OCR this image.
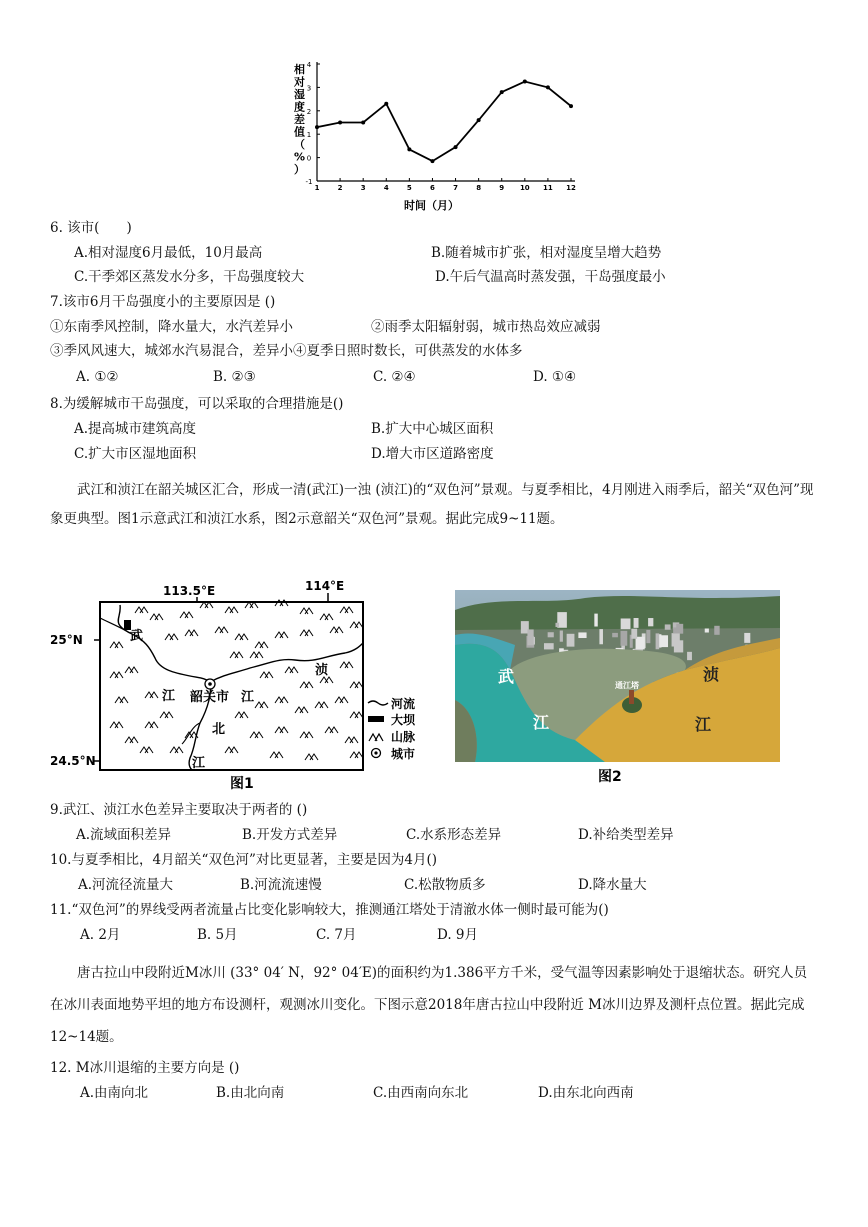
-1
0
1
2
3
4
1	2	3	4	5	6	7	8	9 10 11 12
相对湿度差值（%）
时间（月）
6. 该市(　　)
A.相对湿度6月最低，10月最高	B.随着城市扩张，相对湿度呈增大趋势
C.干季郊区蒸发水分多，干岛强度较大	D.午后气温高时蒸发强，干岛强度最小
7.该市6月干岛强度小的主要原因是 ()
①东南季风控制，降水量大，水汽差异小	②雨季太阳辐射弱，城市热岛效应减弱
③季风风速大，城郊水汽易混合，差异小④夏季日照时数长，可供蒸发的水体多
A. ①②	B. ②③	C. ②④	D. ①④
8.为缓解城市干岛强度，可以采取的合理措施是()
A.提高城市建筑高度	B.扩大中心城区面积
C.扩大市区湿地面积	D.增大市区道路密度
武江和浈江在韶关城区汇合，形成一清(武江)一浊 (浈江)的“双色河”景观。与夏季相比，4月刚进入雨季后，韶关“双色河”现象更典型。图1示意武江和浈江水系，图2示意韶关“双色河”景观。据此完成9~11题。
113.5°E	114°E
25°N
24.5°N
武
江 韶关市 江
浈
北
江
河流
大坝
山脉
城市
图1
武
江
浈
江
通江塔
图2
9.武江、浈江水色差异主要取决于两者的 ()
A.流域面积差异	B.开发方式差异	C.水系形态差异	D.补给类型差异
10.与夏季相比，4月韶关“双色河”对比更显著，主要是因为4月()
A.河流径流量大	B.河流流速慢	C.松散物质多	D.降水量大
11.“双色河”的界线受两者流量占比变化影响较大，推测通江塔处于清澈水体一侧时最可能为()
A. 2月	B. 5月	C. 7月	D. 9月
唐古拉山中段附近M冰川 (33° 04′ N，92° 04′E)的面积约为1.386平方千米，受气温等因素影响处于退缩状态。研究人员在冰川表面地势平坦的地方布设测杆，观测冰川变化。下图示意2018年唐古拉山中段附近 M冰川边界及测杆点位置。据此完成12~14题。
12. M冰川退缩的主要方向是 ()
A.由南向北	B.由北向南	C.由西南向东北	D.由东北向西南
